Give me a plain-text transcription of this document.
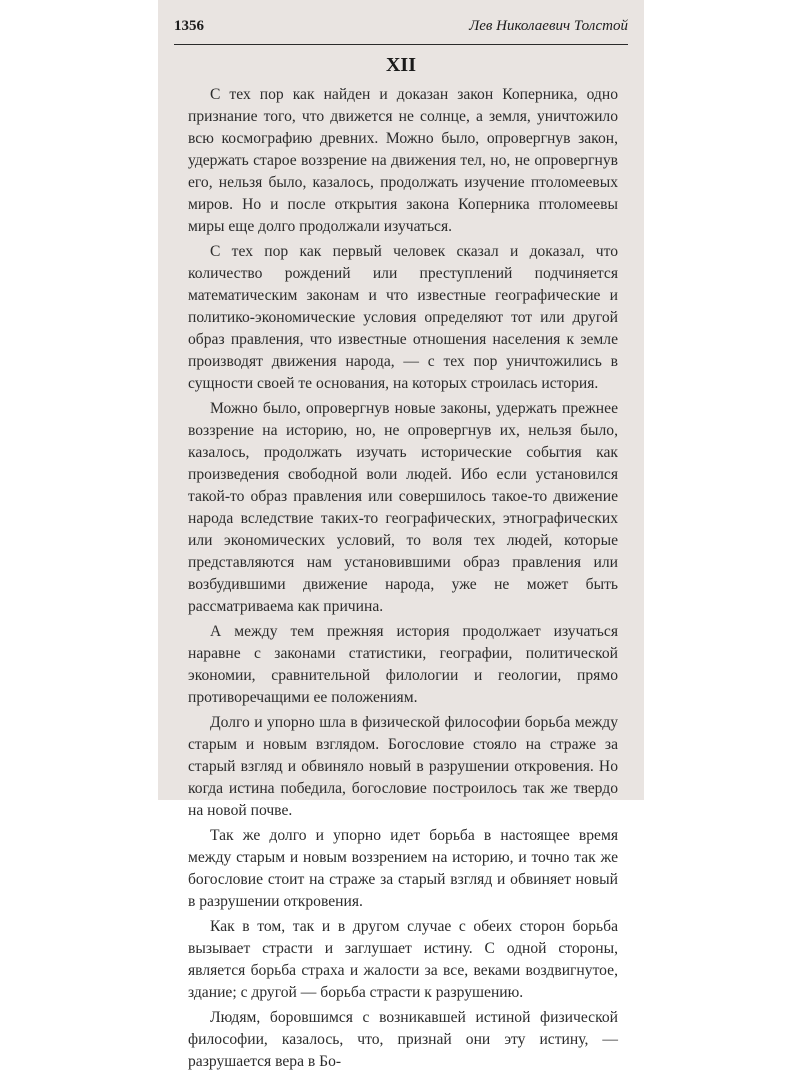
1356	Лев Николаевич Толстой
XII

С тех пор как найден и доказан закон Коперника, одно признание того, что движется не солнце, а земля, уничтожило всю космографию древних. Можно было, опровергнув закон, удержать старое воззрение на движения тел, но, не опровергнув его, нельзя было, казалось, продолжать изучение птоломеевых миров. Но и после открытия закона Коперника птоломеевы миры еще долго продолжали изучаться.

С тех пор как первый человек сказал и доказал, что количество рождений или преступлений подчиняется математическим законам и что известные географические и политико-экономические условия определяют тот или другой образ правления, что известные отношения населения к земле производят движения народа, — с тех пор уничтожились в сущности своей те основания, на которых строилась история.

Можно было, опровергнув новые законы, удержать прежнее воззрение на историю, но, не опровергнув их, нельзя было, казалось, продолжать изучать исторические события как произведения свободной воли людей. Ибо если установился такой-то образ правления или совершилось такое-то движение народа вследствие таких-то географических, этнографических или экономических условий, то воля тех людей, которые представляются нам установившими образ правления или возбудившими движение народа, уже не может быть рассматриваема как причина.

А между тем прежняя история продолжает изучаться наравне с законами статистики, географии, политической экономии, сравнительной филологии и геологии, прямо противоречащими ее положениям.

Долго и упорно шла в физической философии борьба между старым и новым взглядом. Богословие стояло на страже за старый взгляд и обвиняло новый в разрушении откровения. Но когда истина победила, богословие построилось так же твердо на новой почве.

Так же долго и упорно идет борьба в настоящее время между старым и новым воззрением на историю, и точно так же богословие стоит на страже за старый взгляд и обвиняет новый в разрушении откровения.

Как в том, так и в другом случае с обеих сторон борьба вызывает страсти и заглушает истину. С одной стороны, является борьба страха и жалости за все, веками воздвигнутое, здание; с другой — борьба страсти к разрушению.

Людям, боровшимся с возникавшей истиной физической философии, казалось, что, признай они эту истину, — разрушается вера в Бо-
